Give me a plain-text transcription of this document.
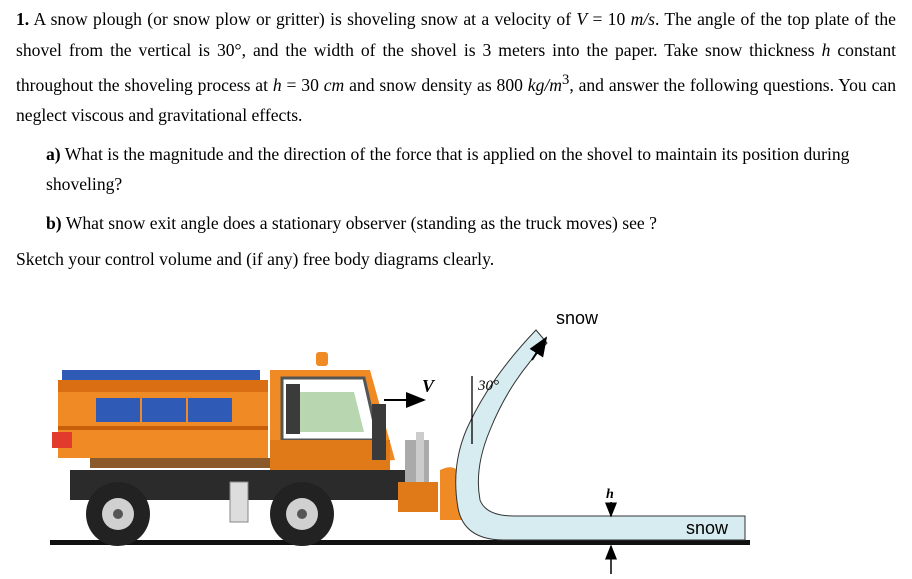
1. A snow plough (or snow plow or gritter) is shoveling snow at a velocity of V = 10 m/s. The angle of the top plate of the shovel from the vertical is 30°, and the width of the shovel is 3 meters into the paper. Take snow thickness h constant throughout the shoveling process at h = 30 cm and snow density as 800 $kg/m^3$, and answer the following questions. You can neglect viscous and gravitational effects.

a) What is the magnitude and the direction of the force that is applied on the shovel to maintain its position during shoveling?

b) What snow exit angle does a stationary observer (standing as the truck moves) see ?

Sketch your control volume and (if any) free body diagrams clearly.

30°
V
snow
h
snow
